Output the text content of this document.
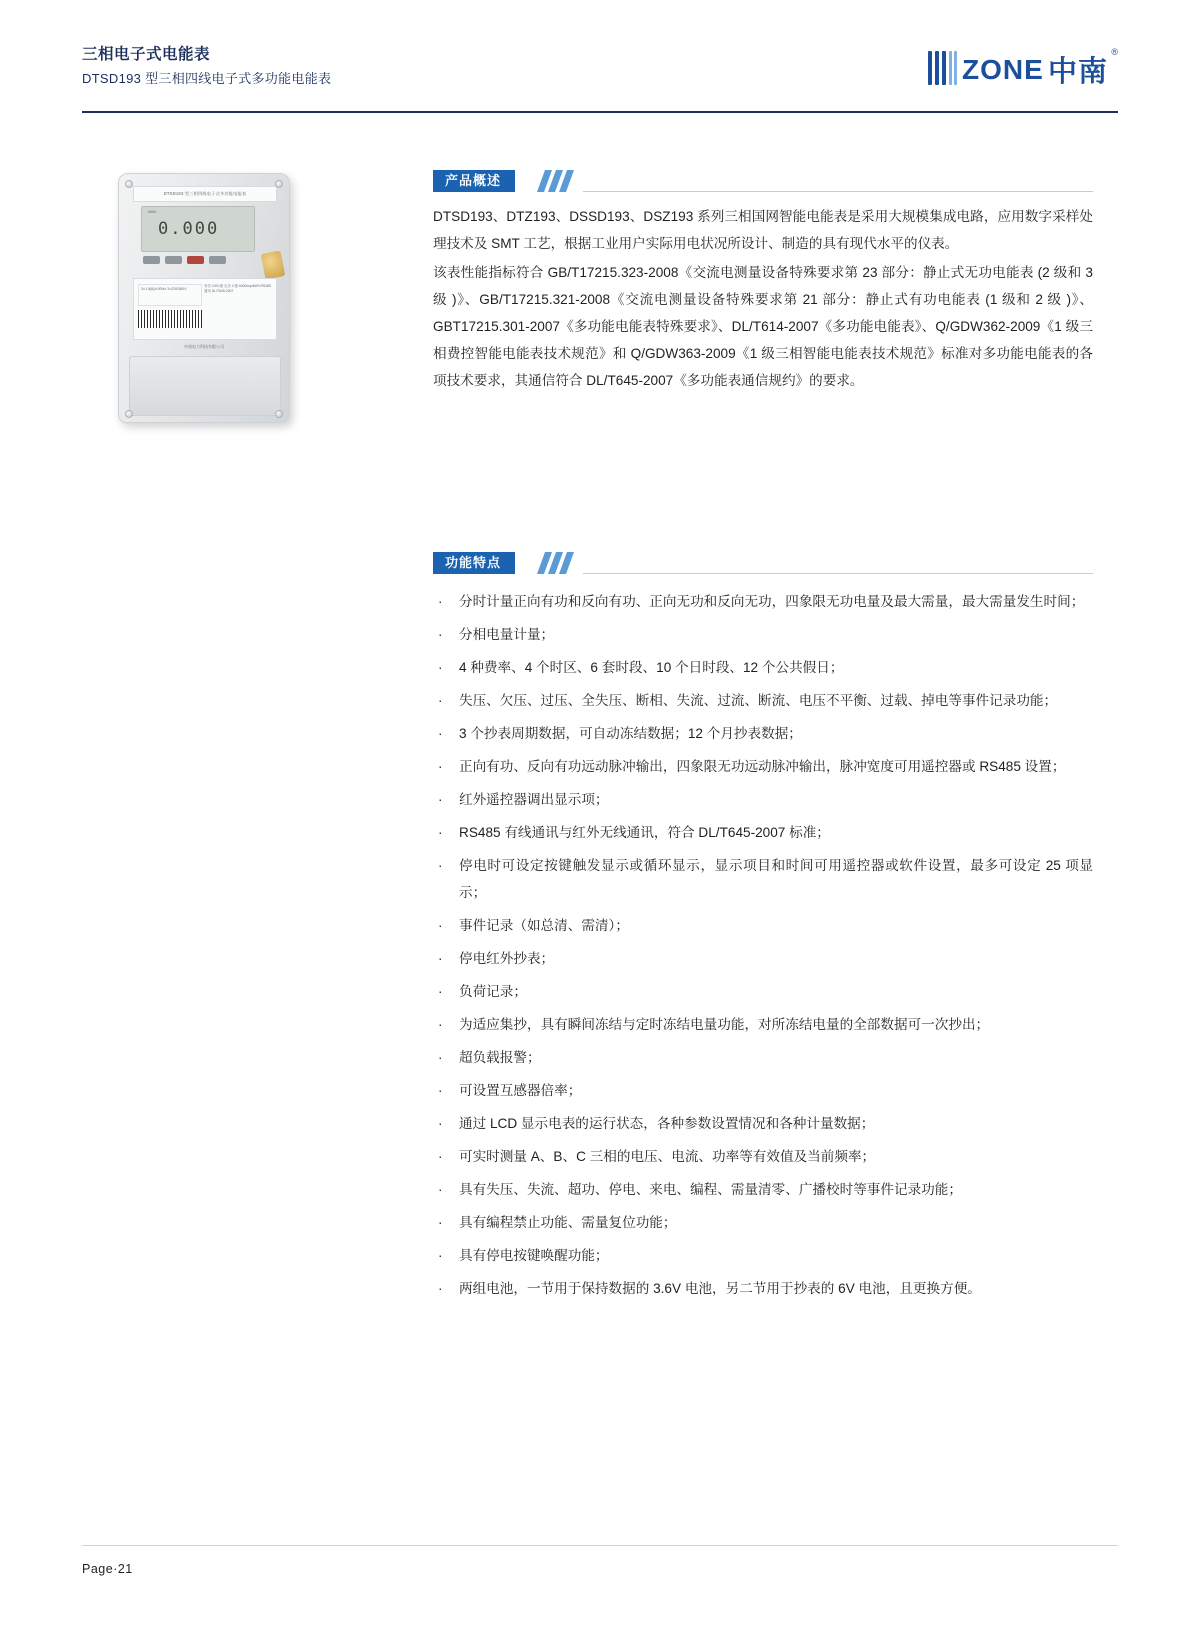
三相电子式电能表
DTSD193 型三相四线电子式多功能电能表	ZONE 中南
®
DTSD193 型三相四线电子式多功能电能表
kWh
0.000
3×1.5(6)A 50Hz 3×220/380V
有功 0.5S 级 无功 2 级 6400imp/kWh RS485 通讯 DL/T645-2007
中南电力科技有限公司
产品概述

DTSD193、DTZ193、DSSD193、DSZ193 系列三相国网智能电能表是采用大规模集成电路，应用数字采样处理技术及 SMT 工艺，根据工业用户实际用电状况所设计、制造的具有现代水平的仪表。

该表性能指标符合 GB/T17215.323-2008《交流电测量设备特殊要求第 23 部分：静止式无功电能表 (2 级和 3 级 )》、GB/T17215.321-2008《交流电测量设备特殊要求第 21 部分：静止式有功电能表 (1 级和 2 级 )》、GBT17215.301-2007《多功能电能表特殊要求》、DL/T614-2007《多功能电能表》、Q/GDW362-2009《1 级三相费控智能电能表技术规范》和 Q/GDW363-2009《1 级三相智能电能表技术规范》标准对多功能电能表的各项技术要求，其通信符合 DL/T645-2007《多功能表通信规约》的要求。

功能特点
· 分时计量正向有功和反向有功、正向无功和反向无功，四象限无功电量及最大需量，最大需量发生时间；
· 分相电量计量；
· 4 种费率、4 个时区、6 套时段、10 个日时段、12 个公共假日；
· 失压、欠压、过压、全失压、断相、失流、过流、断流、电压不平衡、过载、掉电等事件记录功能；
· 3 个抄表周期数据，可自动冻结数据；12 个月抄表数据；
· 正向有功、反向有功远动脉冲输出，四象限无功远动脉冲输出，脉冲宽度可用遥控器或 RS485 设置；
· 红外遥控器调出显示项；
· RS485 有线通讯与红外无线通讯，符合 DL/T645-2007 标准；
· 停电时可设定按键触发显示或循环显示，显示项目和时间可用遥控器或软件设置，最多可设定 25 项显示；
· 事件记录（如总清、需清）；
· 停电红外抄表；
· 负荷记录；
· 为适应集抄，具有瞬间冻结与定时冻结电量功能，对所冻结电量的全部数据可一次抄出；
· 超负载报警；
· 可设置互感器倍率；
· 通过 LCD 显示电表的运行状态，各种参数设置情况和各种计量数据；
· 可实时测量 A、B、C 三相的电压、电流、功率等有效值及当前频率；
· 具有失压、失流、超功、停电、来电、编程、需量清零、广播校时等事件记录功能；
· 具有编程禁止功能、需量复位功能；
· 具有停电按键唤醒功能；
· 两组电池，一节用于保持数据的 3.6V 电池，另二节用于抄表的 6V 电池，且更换方便。
Page·21
